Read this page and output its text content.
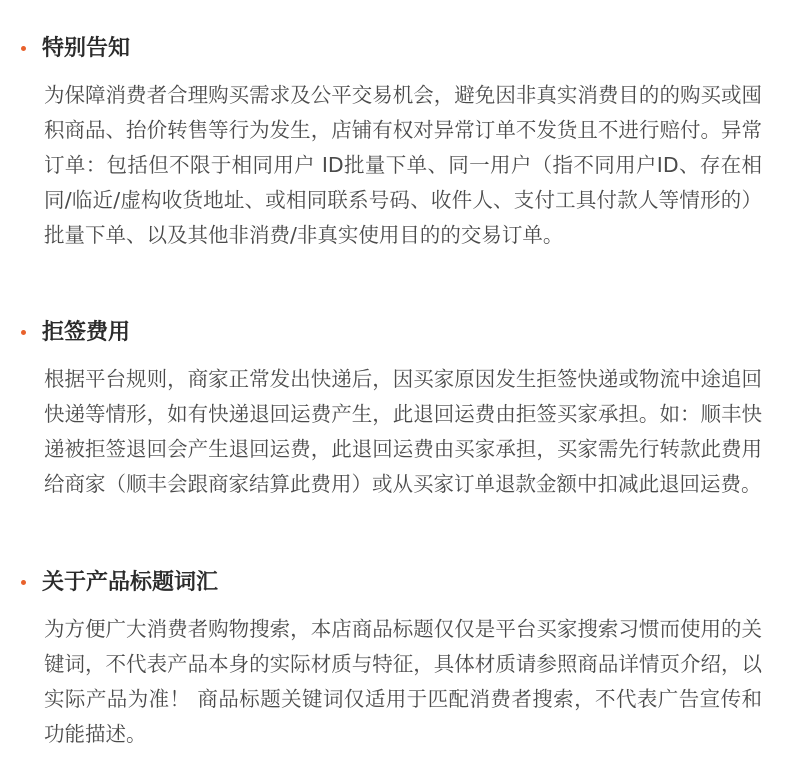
特别告知
为保障消费者合理购买需求及公平交易机会，避免因非真实消费目的的购买或囤积商品、抬价转售等行为发生，店铺有权对异常订单不发货且不进行赔付。异常订单：包括但不限于相同用户 ID批量下单、同一用户（指不同用户ID、存在相同/临近/虚构收货地址、或相同联系号码、收件人、支付工具付款人等情形的）批量下单、以及其他非消费/非真实使用目的的交易订单。
拒签费用
根据平台规则，商家正常发出快递后，因买家原因发生拒签快递或物流中途追回快递等情形，如有快递退回运费产生，此退回运费由拒签买家承担。如：顺丰快递被拒签退回会产生退回运费，此退回运费由买家承担，买家需先行转款此费用给商家（顺丰会跟商家结算此费用）或从买家订单退款金额中扣减此退回运费。
关于产品标题词汇
为方便广大消费者购物搜索，本店商品标题仅仅是平台买家搜索习惯而使用的关键词，不代表产品本身的实际材质与特征，具体材质请参照商品详情页介绍，以实际产品为准！ 商品标题关键词仅适用于匹配消费者搜索，不代表广告宣传和功能描述。
